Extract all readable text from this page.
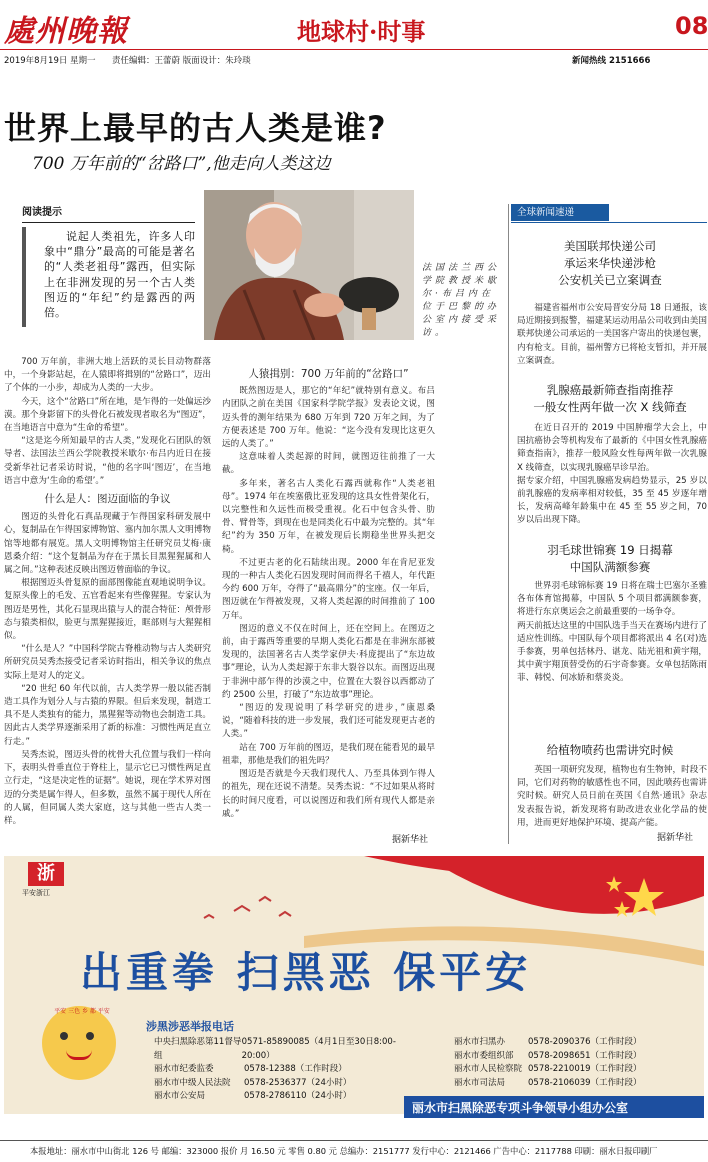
處州晚報	地球村·时事	08
2019年8月19日 星期一 责任编辑：王蕾蔚 版面设计：朱玲琰	新闻热线 2151666
世界上最早的古人类是谁?
700 万年前的“岔路口”,他走向人类这边
阅读提示
说起人类祖先，许多人印象中“鼎分”最高的可能是著名的“人类老祖母”露西，但实际上在非洲发现的另一个古人类图迈的“年纪”约是露西的两倍。
法国法兰西公学院教授米歇尔·布吕内在位于巴黎的办公室内接受采访。

700 万年前，非洲大地上活跃的灵长目动物群落中，一个身影站起，在人猿即将揖别的“岔路口”，迈出了个体的一小步，却成为人类的一大步。

今天，这个“岔路口”所在地，是乍得的一处偏远沙漠。那个身影留下的头骨化石被发现者取名为“图迈”，在当地语言中意为“生命的希望”。

“这是迄今所知最早的古人类，”发现化石团队的领导者、法国法兰西公学院教授米歇尔·布吕内近日在接受新华社记者采访时说，“他的名字叫‘图迈’，在当地语言中意为‘生命的希望’。”

什么是人：图迈面临的争议

图迈的头骨化石真品现藏于乍得国家科研发展中心，复制品在乍得国家博物馆、塞内加尔黑人文明博物馆等地都有展览。黑人文明博物馆主任研究员艾梅·康恩桑介绍：“这个复制品为存在于黑长目黑猩猩属和人属之间。”这种表述反映出图迈曾面临的争议。

根据图迈头骨复原的面部图像能直观地说明争议。复原头像上的毛发、五官看起来有些像猩猩。专家认为图迈是男性，其化石显现出猿与人的混合特征：颅骨形态与猿类相似，脸更与黑猩猩接近，眶部则与大猩猩相似。

“什么是人？”中国科学院古脊椎动物与古人类研究所研究员吴秀杰接受记者采访时指出，相关争议的焦点实际上是对人的定义。

“20 世纪 60 年代以前，古人类学界一般以能否制造工具作为划分人与古猿的界限。但后来发现，制造工具不是人类独有的能力，黑猩猩等动物也会制造工具。因此古人类学界逐渐采用了新的标准：习惯性两足直立行走。”

吴秀杰说，图迈头骨的枕骨大孔位置与我们一样向下，表明头骨垂直位于脊柱上，显示它已习惯性两足直立行走，“这是决定性的证据”。她说，现在学术界对图迈的分类是属乍得人，但多数，虽然不属于现代人所在的人属，但同属人类大家庭，这与其他一些古人类一样。

人猿揖别：700 万年前的“岔路口”

既然图迈是人，那它的“年纪”就特别有意义。布吕内团队之前在美国《国家科学院学报》发表论文说，图迈头骨的测年结果为 680 万年到 720 万年之间，为了方便表述是 700 万年。他说：“迄今没有发现比这更久远的人类了。”

这意味着人类起源的时间，就图迈往前推了一大截。

多年来，著名古人类化石露西就称作“人类老祖母”。1974 年在埃塞俄比亚发现的这具女性骨架化石，以完整性和久远性而极受重视。化石中包含头骨、肋骨、臂骨等，到现在也是同类化石中最为完整的。其“年纪”约为 350 万年，在被发现后长期稳坐世界头把交椅。

不过更古老的化石陆续出现。2000 年在肯尼亚发现的一种古人类化石因发现时间而得名千禧人，年代距今约 600 万年，夺得了“最高鼎分”的宝座。仅一年后，图迈就在乍得被发现，又将人类起源的时间推前了 100 万年。

图迈的意义不仅在时间上，还在空间上。在图迈之前，由于露西等重要的早期人类化石都是在非洲东部被发现的，法国著名古人类学家伊夫·科庞提出了“东边故事”理论，认为人类起源于东非大裂谷以东。而图迈出现于非洲中部乍得的沙漠之中，位置在大裂谷以西都动了约 2500 公里，打破了“东边故事”理论。

“图迈的发现说明了科学研究的进步，”康恩桑说，“随着科技的进一步发展，我们还可能发现更古老的人类。”

站在 700 万年前的图迈，是我们现在能看见的最早祖辈，那他是我们的祖先吗？

图迈是否就是今天我们现代人、乃至具体到乍得人的祖先，现在还说不清楚。吴秀杰说：“不过如果从将时长的时间尺度看，可以说图迈和我们所有现代人都是亲戚。”

据新华社
全球新闻速递
美国联邦快递公司
承运来华快递涉枪
公安机关已立案调查
福建省福州市公安局晋安分局 18 日通报，该局近期接到报警，福建某运动用品公司收到由美国联邦快递公司承运的一美国客户寄出的快递包裹，内有枪支。目前，福州警方已将枪支暂扣，并开展立案调查。
乳腺癌最新筛查指南推荐
一般女性两年做一次 X 线筛查
在近日召开的 2019 中国肿瘤学大会上，中国抗癌协会等机构发布了最新的《中国女性乳腺癌筛查指南》，推荐一般风险女性每两年做一次乳腺 X 线筛查，以实现乳腺癌早诊早治。
据专家介绍，中国乳腺癌发病趋势显示，25 岁以前乳腺癌的发病率相对较低，35 至 45 岁逐年增长，发病高峰年龄集中在 45 至 55 岁之间，70 岁以后出现下降。
羽毛球世锦赛 19 日揭幕
中国队满额参赛
世界羽毛球锦标赛 19 日将在瑞士巴塞尔圣雅各布体育馆揭幕，中国队 5 个项目都满额参赛，将进行东京奥运会之前最重要的一场争夺。
两天前抵达这里的中国队选手当天在赛场内进行了适应性训练。中国队每个项目都将派出 4 名(对)选手参赛，男单包括林丹、谌龙、陆光祖和黄宇翔，其中黄宇翔顶替受伤的石宇奇参赛。女单包括陈雨菲、韩悦、何冰娇和蔡炎炎。
给植物喷药也需讲究时候
英国一项研究发现，植物也有生物钟，时段不同，它们对药物的敏感性也不同，因此喷药也需讲究时候。研究人员日前在英国《自然·通讯》杂志发表报告说，新发现将有助改进农业化学品的使用，进而更好地保护环境、提高产能。
据新华社
浙
平安浙江
出重拳 扫黑恶 保平安
平安 三色 乡 都 平安
涉黑涉恶举报电话
中央扫黑除恶第11督导组
0571-85890085（4月1日至30日8:00-20:00）
丽水市纪委监委	0578-12388（工作时段）
丽水市中级人民法院	0578-2536377（24小时）
丽水市公安局	0578-2786110（24小时）
丽水市扫黑办	0578-2090376（工作时段）
丽水市委组织部	0578-2098651（工作时段）
丽水市人民检察院 0578-2210019（工作时段）
丽水市司法局	0578-2106039（工作时段）
丽水市扫黑除恶专项斗争领导小组办公室
本报地址：丽水市中山街北 126 号 邮编：323000 报价 月 16.50 元 零售 0.80 元 总编办：2151777 发行中心：2121466 广告中心：2117788 印刷：丽水日报印刷厂
